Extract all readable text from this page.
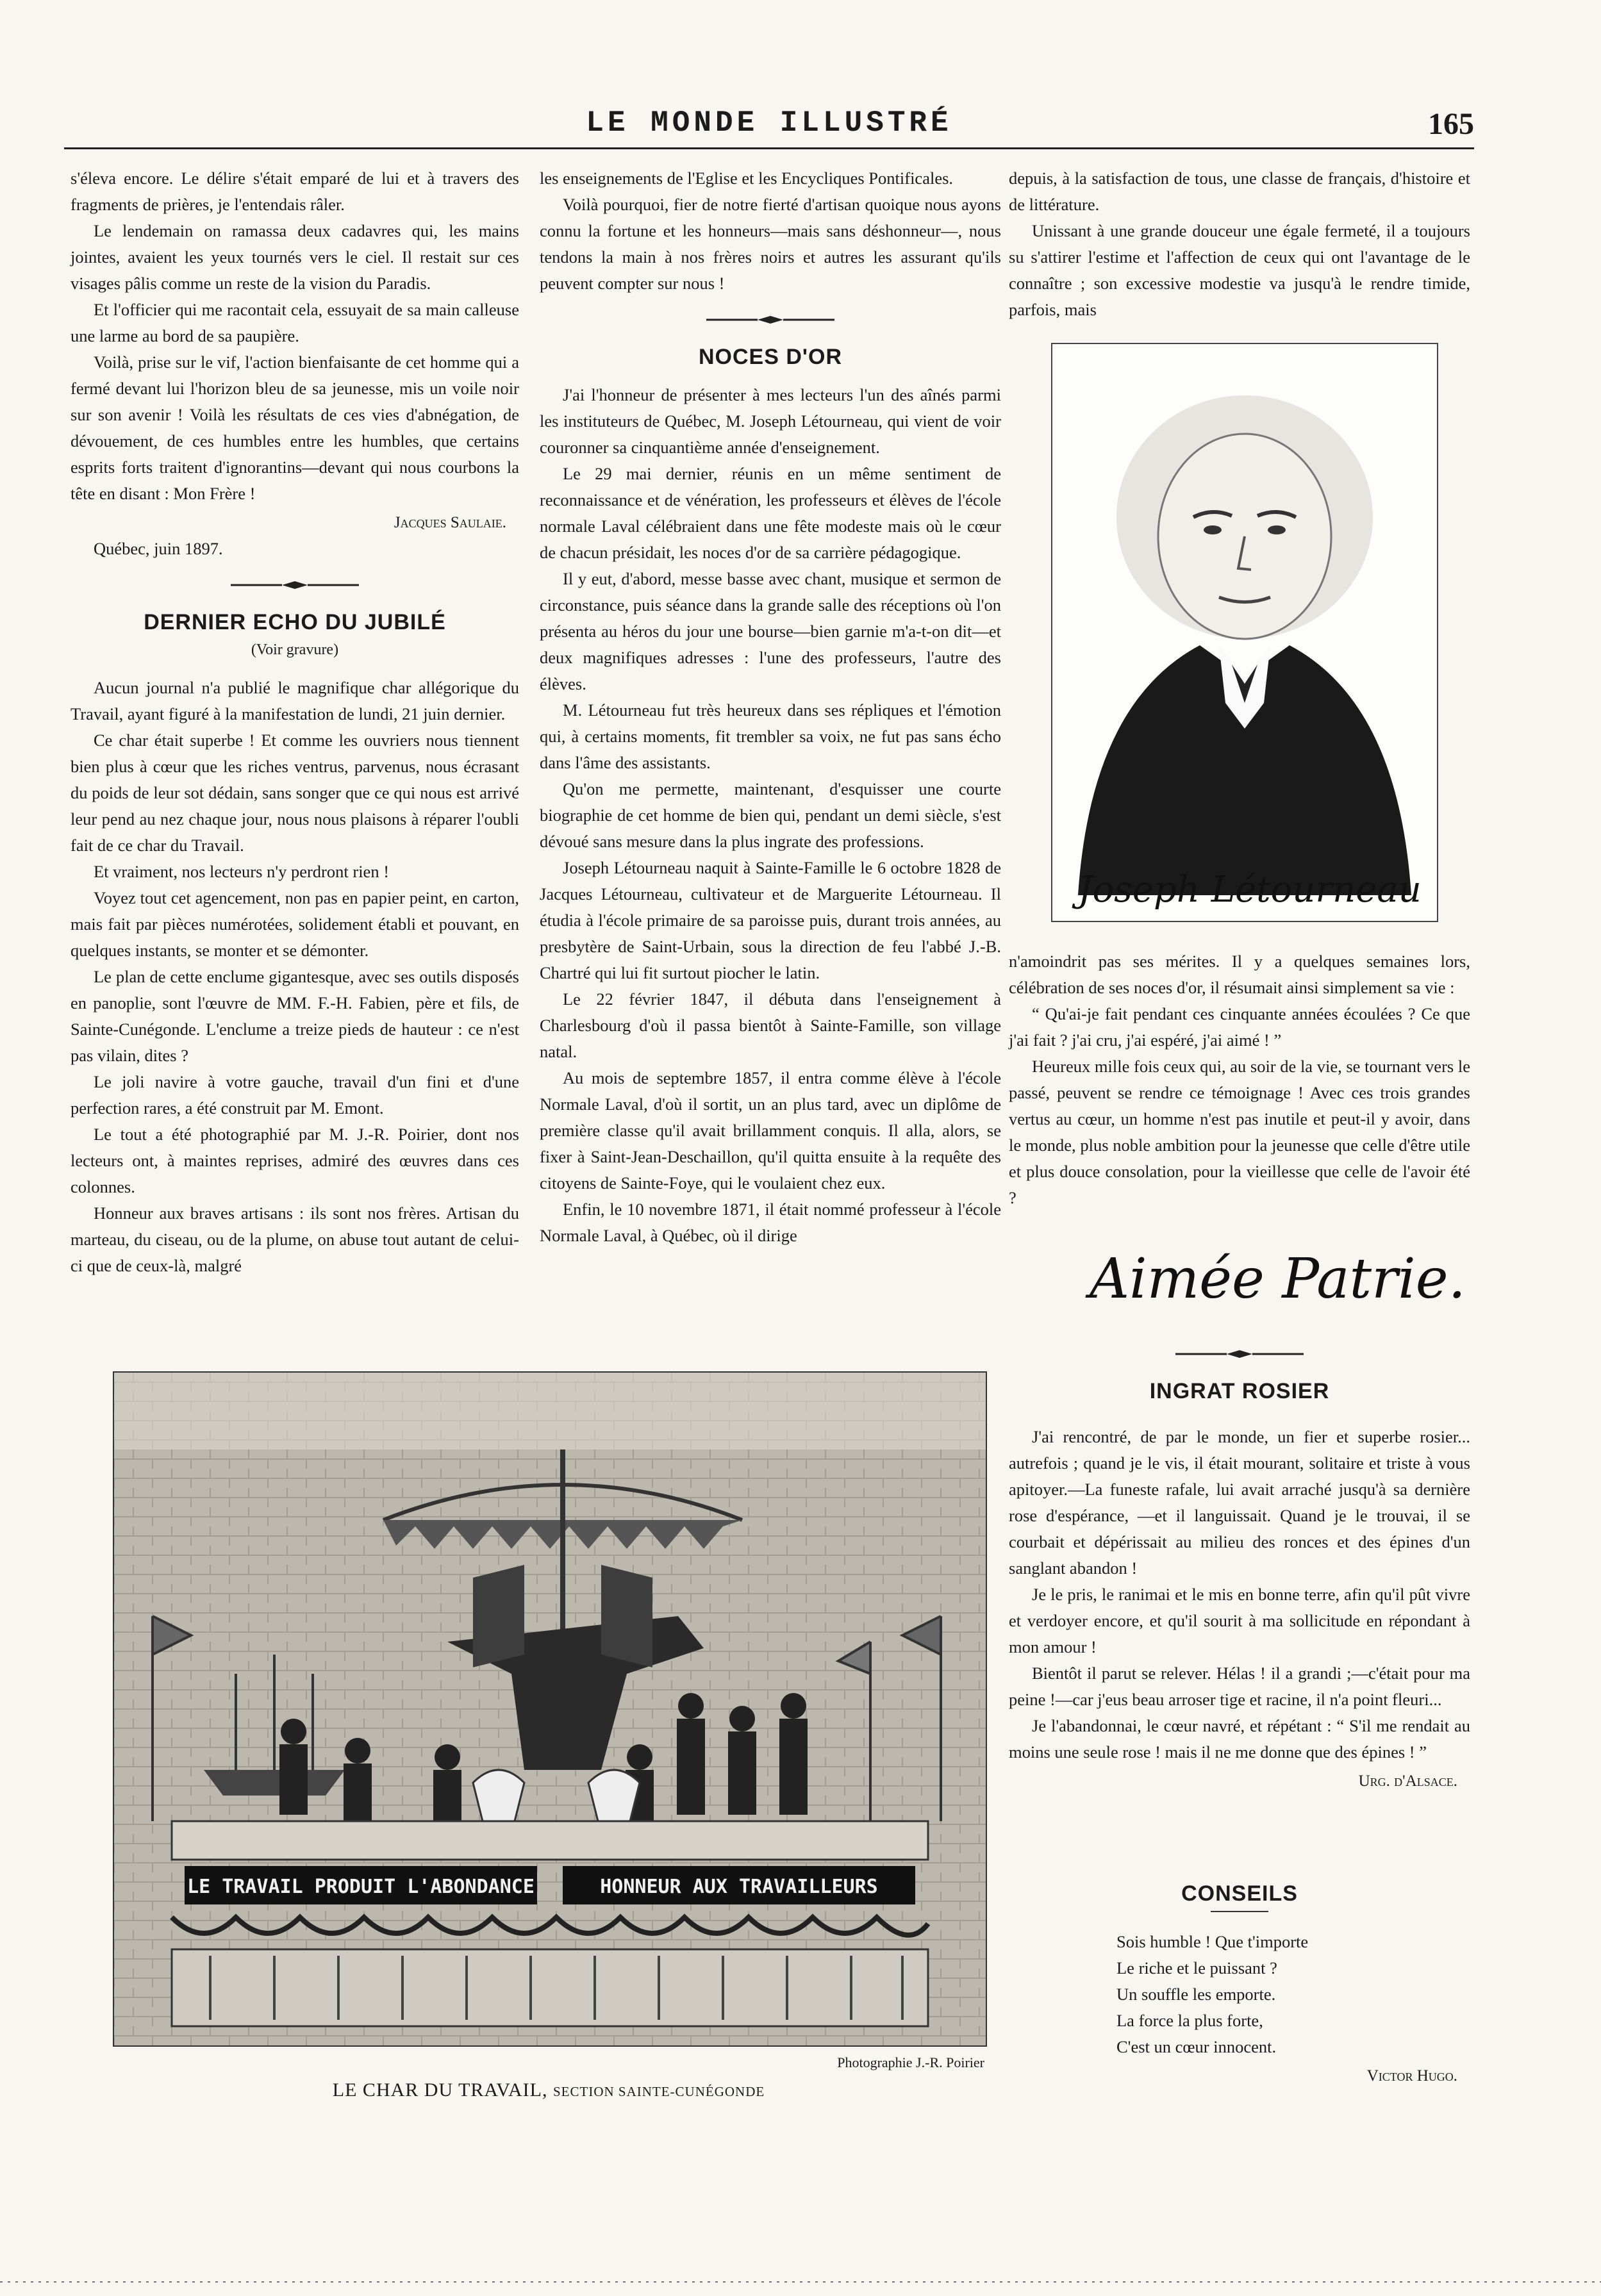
LE MONDE ILLUSTRÉ	165

s'éleva encore. Le délire s'était emparé de lui et à travers des fragments de prières, je l'entendais râler.

Le lendemain on ramassa deux cadavres qui, les mains jointes, avaient les yeux tournés vers le ciel. Il restait sur ces visages pâlis comme un reste de la vision du Paradis.

Et l'officier qui me racontait cela, essuyait de sa main calleuse une larme au bord de sa paupière.

Voilà, prise sur le vif, l'action bienfaisante de cet homme qui a fermé devant lui l'horizon bleu de sa jeunesse, mis un voile noir sur son avenir ! Voilà les résultats de ces vies d'abnégation, de dévouement, de ces humbles entre les humbles, que certains esprits forts traitent d'ignorantins—devant qui nous courbons la tête en disant : Mon Frère !

Jacques Saulaie.

Québec, juin 1897.

DERNIER ECHO DU JUBILÉ
(Voir gravure)

Aucun journal n'a publié le magnifique char allégorique du Travail, ayant figuré à la manifestation de lundi, 21 juin dernier.

Ce char était superbe ! Et comme les ouvriers nous tiennent bien plus à cœur que les riches ventrus, parvenus, nous écrasant du poids de leur sot dédain, sans songer que ce qui nous est arrivé leur pend au nez chaque jour, nous nous plaisons à réparer l'oubli fait de ce char du Travail.

Et vraiment, nos lecteurs n'y perdront rien !

Voyez tout cet agencement, non pas en papier peint, en carton, mais fait par pièces numérotées, solidement établi et pouvant, en quelques instants, se monter et se démonter.

Le plan de cette enclume gigantesque, avec ses outils disposés en panoplie, sont l'œuvre de MM. F.-H. Fabien, père et fils, de Sainte-Cunégonde. L'enclume a treize pieds de hauteur : ce n'est pas vilain, dites ?

Le joli navire à votre gauche, travail d'un fini et d'une perfection rares, a été construit par M. Emont.

Le tout a été photographié par M. J.-R. Poirier, dont nos lecteurs ont, à maintes reprises, admiré des œuvres dans ces colonnes.

Honneur aux braves artisans : ils sont nos frères. Artisan du marteau, du ciseau, ou de la plume, on abuse tout autant de celui-ci que de ceux-là, malgré

les enseignements de l'Eglise et les Encycliques Pontificales.

Voilà pourquoi, fier de notre fierté d'artisan quoique nous ayons connu la fortune et les honneurs—mais sans déshonneur—, nous tendons la main à nos frères noirs et autres les assurant qu'ils peuvent compter sur nous !

NOCES D'OR

J'ai l'honneur de présenter à mes lecteurs l'un des aînés parmi les instituteurs de Québec, M. Joseph Létourneau, qui vient de voir couronner sa cinquantième année d'enseignement.

Le 29 mai dernier, réunis en un même sentiment de reconnaissance et de vénération, les professeurs et élèves de l'école normale Laval célébraient dans une fête modeste mais où le cœur de chacun présidait, les noces d'or de sa carrière pédagogique.

Il y eut, d'abord, messe basse avec chant, musique et sermon de circonstance, puis séance dans la grande salle des réceptions où l'on présenta au héros du jour une bourse—bien garnie m'a-t-on dit—et deux magnifiques adresses : l'une des professeurs, l'autre des élèves.

M. Létourneau fut très heureux dans ses répliques et l'émotion qui, à certains moments, fit trembler sa voix, ne fut pas sans écho dans l'âme des assistants.

Qu'on me permette, maintenant, d'esquisser une courte biographie de cet homme de bien qui, pendant un demi siècle, s'est dévoué sans mesure dans la plus ingrate des professions.

Joseph Létourneau naquit à Sainte-Famille le 6 octobre 1828 de Jacques Létourneau, cultivateur et de Marguerite Létourneau. Il étudia à l'école primaire de sa paroisse puis, durant trois années, au presbytère de Saint-Urbain, sous la direction de feu l'abbé J.-B. Chartré qui lui fit surtout piocher le latin.

Le 22 février 1847, il débuta dans l'enseignement à Charlesbourg d'où il passa bientôt à Sainte-Famille, son village natal.

Au mois de septembre 1857, il entra comme élève à l'école Normale Laval, d'où il sortit, un an plus tard, avec un diplôme de première classe qu'il avait brillamment conquis. Il alla, alors, se fixer à Saint-Jean-Deschaillon, qu'il quitta ensuite à la requête des citoyens de Sainte-Foye, qui le voulaient chez eux.

Enfin, le 10 novembre 1871, il était nommé professeur à l'école Normale Laval, à Québec, où il dirige

depuis, à la satisfaction de tous, une classe de français, d'histoire et de littérature.

Unissant à une grande douceur une égale fermeté, il a toujours su s'attirer l'estime et l'affection de ceux qui ont l'avantage de le connaître ; son excessive modestie va jusqu'à le rendre timide, parfois, mais

Joseph Létourneau

n'amoindrit pas ses mérites. Il y a quelques semaines lors, célébration de ses noces d'or, il résumait ainsi simplement sa vie :

“ Qu'ai-je fait pendant ces cinquante années écoulées ? Ce que j'ai fait ? j'ai cru, j'ai espéré, j'ai aimé ! ”

Heureux mille fois ceux qui, au soir de la vie, se tournant vers le passé, peuvent se rendre ce témoignage ! Avec ces trois grandes vertus au cœur, un homme n'est pas inutile et peut-il y avoir, dans le monde, plus noble ambition pour la jeunesse que celle d'être utile et plus douce consolation, pour la vieillesse que celle de l'avoir été ?

Aimée Patrie.
INGRAT ROSIER

J'ai rencontré, de par le monde, un fier et superbe rosier... autrefois ; quand je le vis, il était mourant, solitaire et triste à vous apitoyer.—La funeste rafale, lui avait arraché jusqu'à sa dernière rose d'espérance, —et il languissait. Quand je le trouvai, il se courbait et dépérissait au milieu des ronces et des épines d'un sanglant abandon !

Je le pris, le ranimai et le mis en bonne terre, afin qu'il pût vivre et verdoyer encore, et qu'il sourit à ma sollicitude en répondant à mon amour !

Bientôt il parut se relever. Hélas ! il a grandi ;—c'était pour ma peine !—car j'eus beau arroser tige et racine, il n'a point fleuri...

Je l'abandonnai, le cœur navré, et répétant : “ S'il me rendait au moins une seule rose ! mais il ne me donne que des épines ! ”

Urg. d'Alsace.
CONSEILS

Sois humble ! Que t'importe

Le riche et le puissant ?

Un souffle les emporte.

La force la plus forte,

C'est un cœur innocent.

Victor Hugo.
LE TRAVAIL PRODUIT L'ABONDANCE	HONNEUR AUX TRAVAILLEURS
Photographie J.-R. Poirier
LE CHAR DU TRAVAIL, SECTION SAINTE-CUNÉGONDE
